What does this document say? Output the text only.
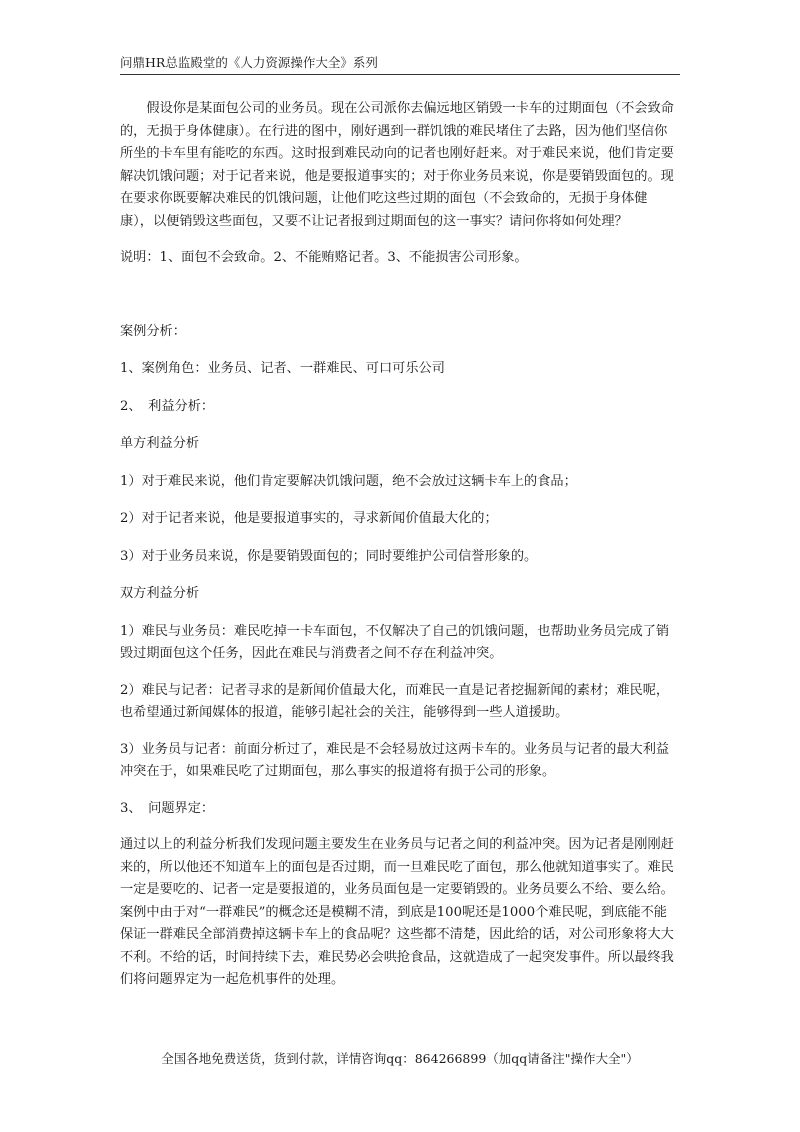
问鼎HR总监殿堂的《人力资源操作大全》系列

假设你是某面包公司的业务员。现在公司派你去偏远地区销毁一卡车的过期面包（不会致命的，无损于身体健康）。在行进的图中，刚好遇到一群饥饿的难民堵住了去路，因为他们坚信你所坐的卡车里有能吃的东西。这时报到难民动向的记者也刚好赶来。对于难民来说，他们肯定要解决饥饿问题；对于记者来说，他是要报道事实的；对于你业务员来说，你是要销毁面包的。现在要求你既要解决难民的饥饿问题，让他们吃这些过期的面包（不会致命的，无损于身体健康），以便销毁这些面包，又要不让记者报到过期面包的这一事实？请问你将如何处理？

说明：1、面包不会致命。2、不能贿赂记者。3、不能损害公司形象。

案例分析：

1、案例角色：业务员、记者、一群难民、可口可乐公司

2、　利益分析：

单方利益分析

1）对于难民来说，他们肯定要解决饥饿问题，绝不会放过这辆卡车上的食品；

2）对于记者来说，他是要报道事实的，寻求新闻价值最大化的；

3）对于业务员来说，你是要销毁面包的；同时要维护公司信誉形象的。

双方利益分析

1）难民与业务员：难民吃掉一卡车面包，不仅解决了自己的饥饿问题，也帮助业务员完成了销毁过期面包这个任务，因此在难民与消费者之间不存在利益冲突。

2）难民与记者：记者寻求的是新闻价值最大化，而难民一直是记者挖掘新闻的素材；难民呢，也希望通过新闻媒体的报道，能够引起社会的关注，能够得到一些人道援助。

3）业务员与记者：前面分析过了，难民是不会轻易放过这两卡车的。业务员与记者的最大利益冲突在于，如果难民吃了过期面包，那么事实的报道将有损于公司的形象。

3、　问题界定：

通过以上的利益分析我们发现问题主要发生在业务员与记者之间的利益冲突。因为记者是刚刚赶来的，所以他还不知道车上的面包是否过期，而一旦难民吃了面包，那么他就知道事实了。难民一定是要吃的、记者一定是要报道的，业务员面包是一定要销毁的。业务员要么不给、要么给。案例中由于对“一群难民”的概念还是模糊不清，到底是100呢还是1000个难民呢，到底能不能保证一群难民全部消费掉这辆卡车上的食品呢？这些都不清楚，因此给的话，对公司形象将大大不利。不给的话，时间持续下去，难民势必会哄抢食品，这就造成了一起突发事件。所以最终我们将问题界定为一起危机事件的处理。

全国各地免费送货，货到付款，详情咨询qq：864266899（加qq请备注"操作大全"）
